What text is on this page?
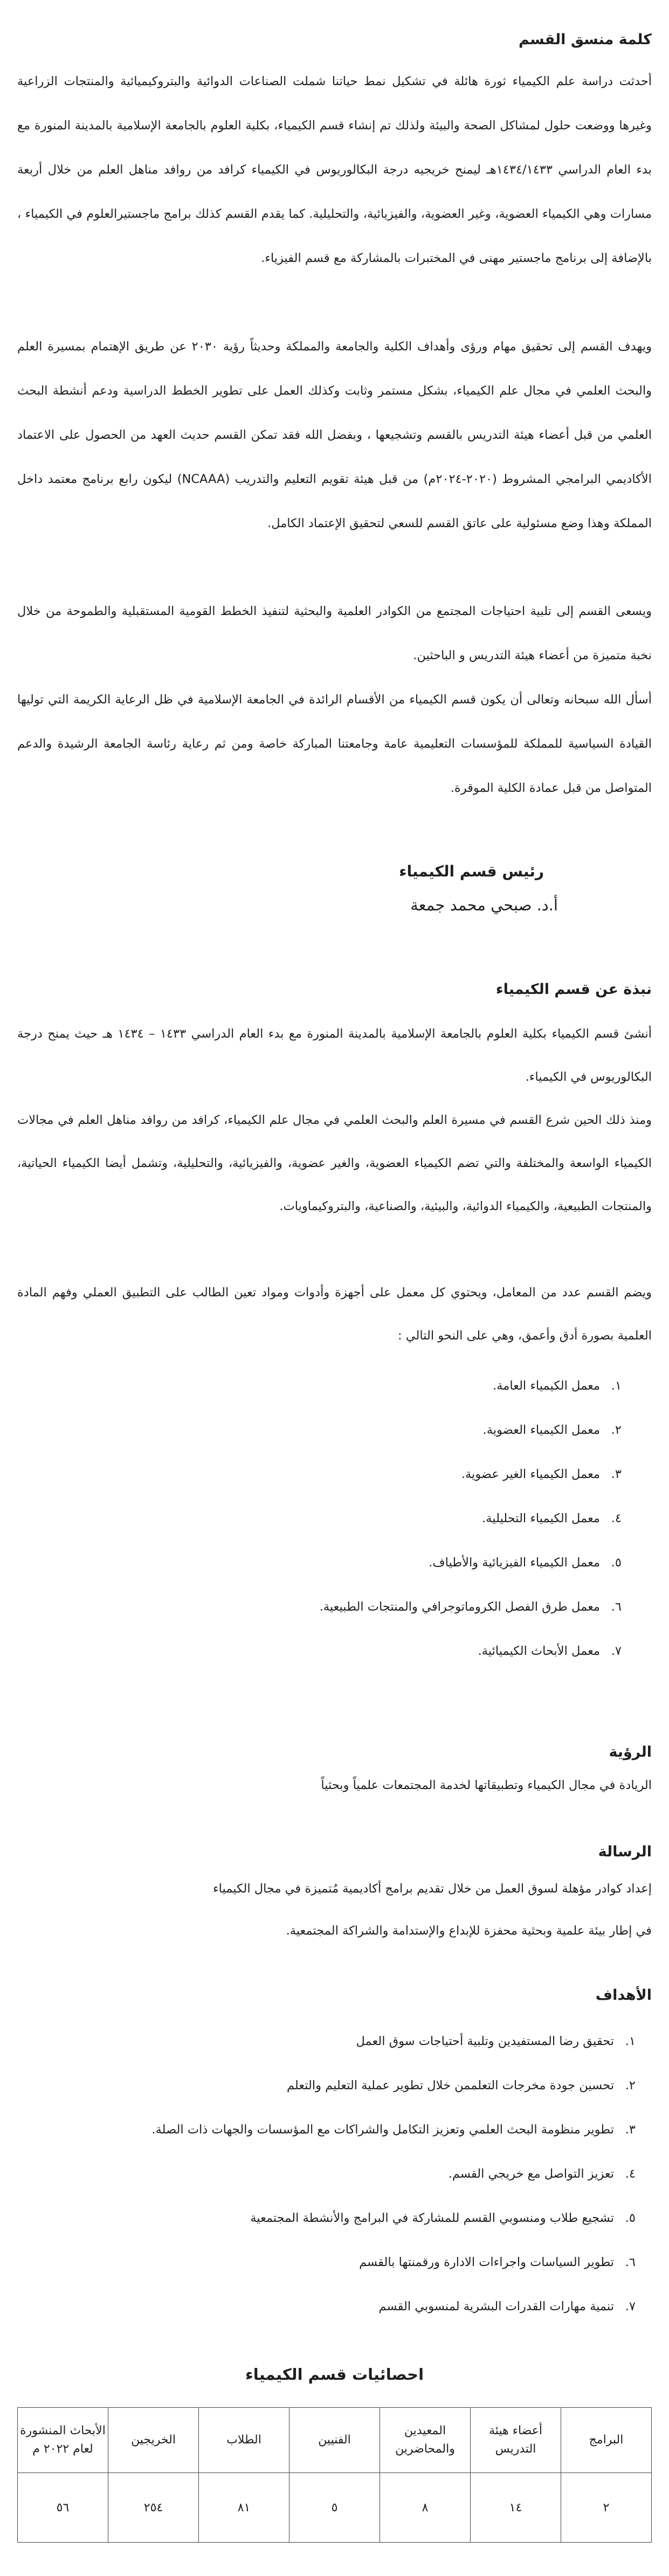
كلمة منسق القسم

أحدثت دراسة علم الكيمياء ثورة هائلة في تشكيل نمط حياتنا شملت الصناعات الدوائية والبتروكيميائية والمنتجات الزراعية وغيرها ووضعت حلول لمشاكل الصحة والبيئة ولذلك تم إنشاء قسم الكيمياء، بكلية العلوم بالجامعة الإسلامية بالمدينة المنورة مع بدء العام الدراسي ١٤٣٤/١٤٣٣هـ ليمنح خريجيه درجة البكالوريوس في الكيمياء كرافد من روافد مناهل العلم من خلال أربعة مسارات وهي الكيمياء العضوية، وغير العضوية، والفيزيائية، والتحليلية. كما يقدم القسم كذلك برامج ماجستيرالعلوم في الكيمياء ، بالإضافة إلى برنامج ماجستير مهنى في المختبرات بالمشاركة مع قسم الفيزياء.

ويهدف القسم إلى تحقيق مهام ورؤى وأهداف الكلية والجامعة والمملكة وحديثاً رؤية ٢٠٣٠ عن طريق الإهتمام بمسيرة العلم والبحث العلمي في مجال علم الكيمياء، بشكل مستمر وثابت وكذلك العمل على تطوير الخطط الدراسية ودعم أنشطة البحث العلمي من قبل أعضاء هيئة التدريس بالقسم وتشجيعها ، وبفضل الله فقد تمكن القسم حديث العهد من الحصول على الاعتماد الأكاديمي البرامجي المشروط (٢٠٢٠-٢٠٢٤م) من قبل هيئة تقويم التعليم والتدريب (NCAAA) ليكون رابع برنامج معتمد داخل المملكة وهذا وضع مسئولية على عاتق القسم للسعي لتحقيق الإعتماد الكامل.

ويسعى القسم إلى تلبية احتياجات المجتمع من الكوادر العلمية والبحثية لتنفيذ الخطط القومية المستقبلية والطموحة من خلال نخبة متميزة من أعضاء هيئة التدريس و الباحثين.

أسأل الله سبحانه وتعالى أن يكون قسم الكيمياء من الأقسام الرائدة في الجامعة الإسلامية في ظل الرعاية الكريمة التي توليها القيادة السياسية للمملكة للمؤسسات التعليمية عامة وجامعتنا المباركة خاصة ومن ثم رعاية رئاسة الجامعة الرشيدة والدعم المتواصل من قبل عمادة الكلية الموقرة.

رئيس قسم الكيمياء

أ.د. صبحي محمد جمعة

نبذة عن قسم الكيمياء

أنشئ قسم الكيمياء بكلية العلوم بالجامعة الإسلامية بالمدينة المنورة مع بدء العام الدراسي ١٤٣٣ – ١٤٣٤ هـ حيث يمنح درجة البكالوريوس في الكيمياء.

ومنذ ذلك الحين شرع القسم في مسيرة العلم والبحث العلمي في مجال علم الكيمياء، كرافد من روافد مناهل العلم في مجالات الكيمياء الواسعة والمختلفة والتي تضم الكيمياء العضوية، والغير عضوية، والفيزيائية، والتحليلية، وتشمل أيضا الكيمياء الحياتية، والمنتجات الطبيعية، والكيمياء الدوائية، والبيئية، والصناعية، والبتروكيماويات.

ويضم القسم عدد من المعامل، ويحتوي كل معمل على أجهزة وأدوات ومواد تعين الطالب على التطبيق العملي وفهم المادة العلمية بصورة أدق وأعمق، وهي على النحو التالي :

١.
معمل الكيمياء العامة.
٢.
معمل الكيمياء العضوية.
٣.
معمل الكيمياء الغير عضوية.
٤.
معمل الكيمياء التحليلية.
٥.
معمل الكيمياء الفيزيائية والأطياف.
٦.
معمل طرق الفصل الكروماتوجرافي والمنتجات الطبيعية.
٧.
معمل الأبحاث الكيميائية.
الرؤية

الريادة في مجال الكيمياء وتطبيقاتها لخدمة المجتمعات علمياً وبحثياً

الرسالة

إعداد كوادر مؤهلة لسوق العمل من خلال تقديم برامج أكاديمية مُتميزة في مجال الكيمياء

في إطار بيئة علمية وبحثية محفزة للإبداع والإستدامة والشراكة المجتمعية.

الأهداف
١.
تحقيق رضا المستفيدين وتلبية أحتياجات سوق العمل
٢.
تحسين جودة مخرجات التعلممن خلال تطوير عملية التعليم والتعلم
٣.
تطوير منظومة البحث العلمي وتعزيز التكامل والشراكات مع المؤسسات والجهات ذات الصلة.
٤.
تعزيز التواصل مع خريجي القسم.
٥.
تشجيع طلاب ومنسوبي القسم للمشاركة في البرامج والأنشطة المجتمعية
٦.
تطوير السياسات واجراءات الادارة ورقمنتها بالقسم
٧.
تنمية مهارات القدرات البشرية لمنسوبي القسم

احصائيات قسم الكيمياء

البرامج	أعضاء هيئة التدريس	المعيدين والمحاضرين	الفنيين	الطلاب	الخريجين	الأبحاث المنشورة لعام ٢٠٢٢ م
٢	١٤	٨	٥	٨١	٢٥٤	٥٦
